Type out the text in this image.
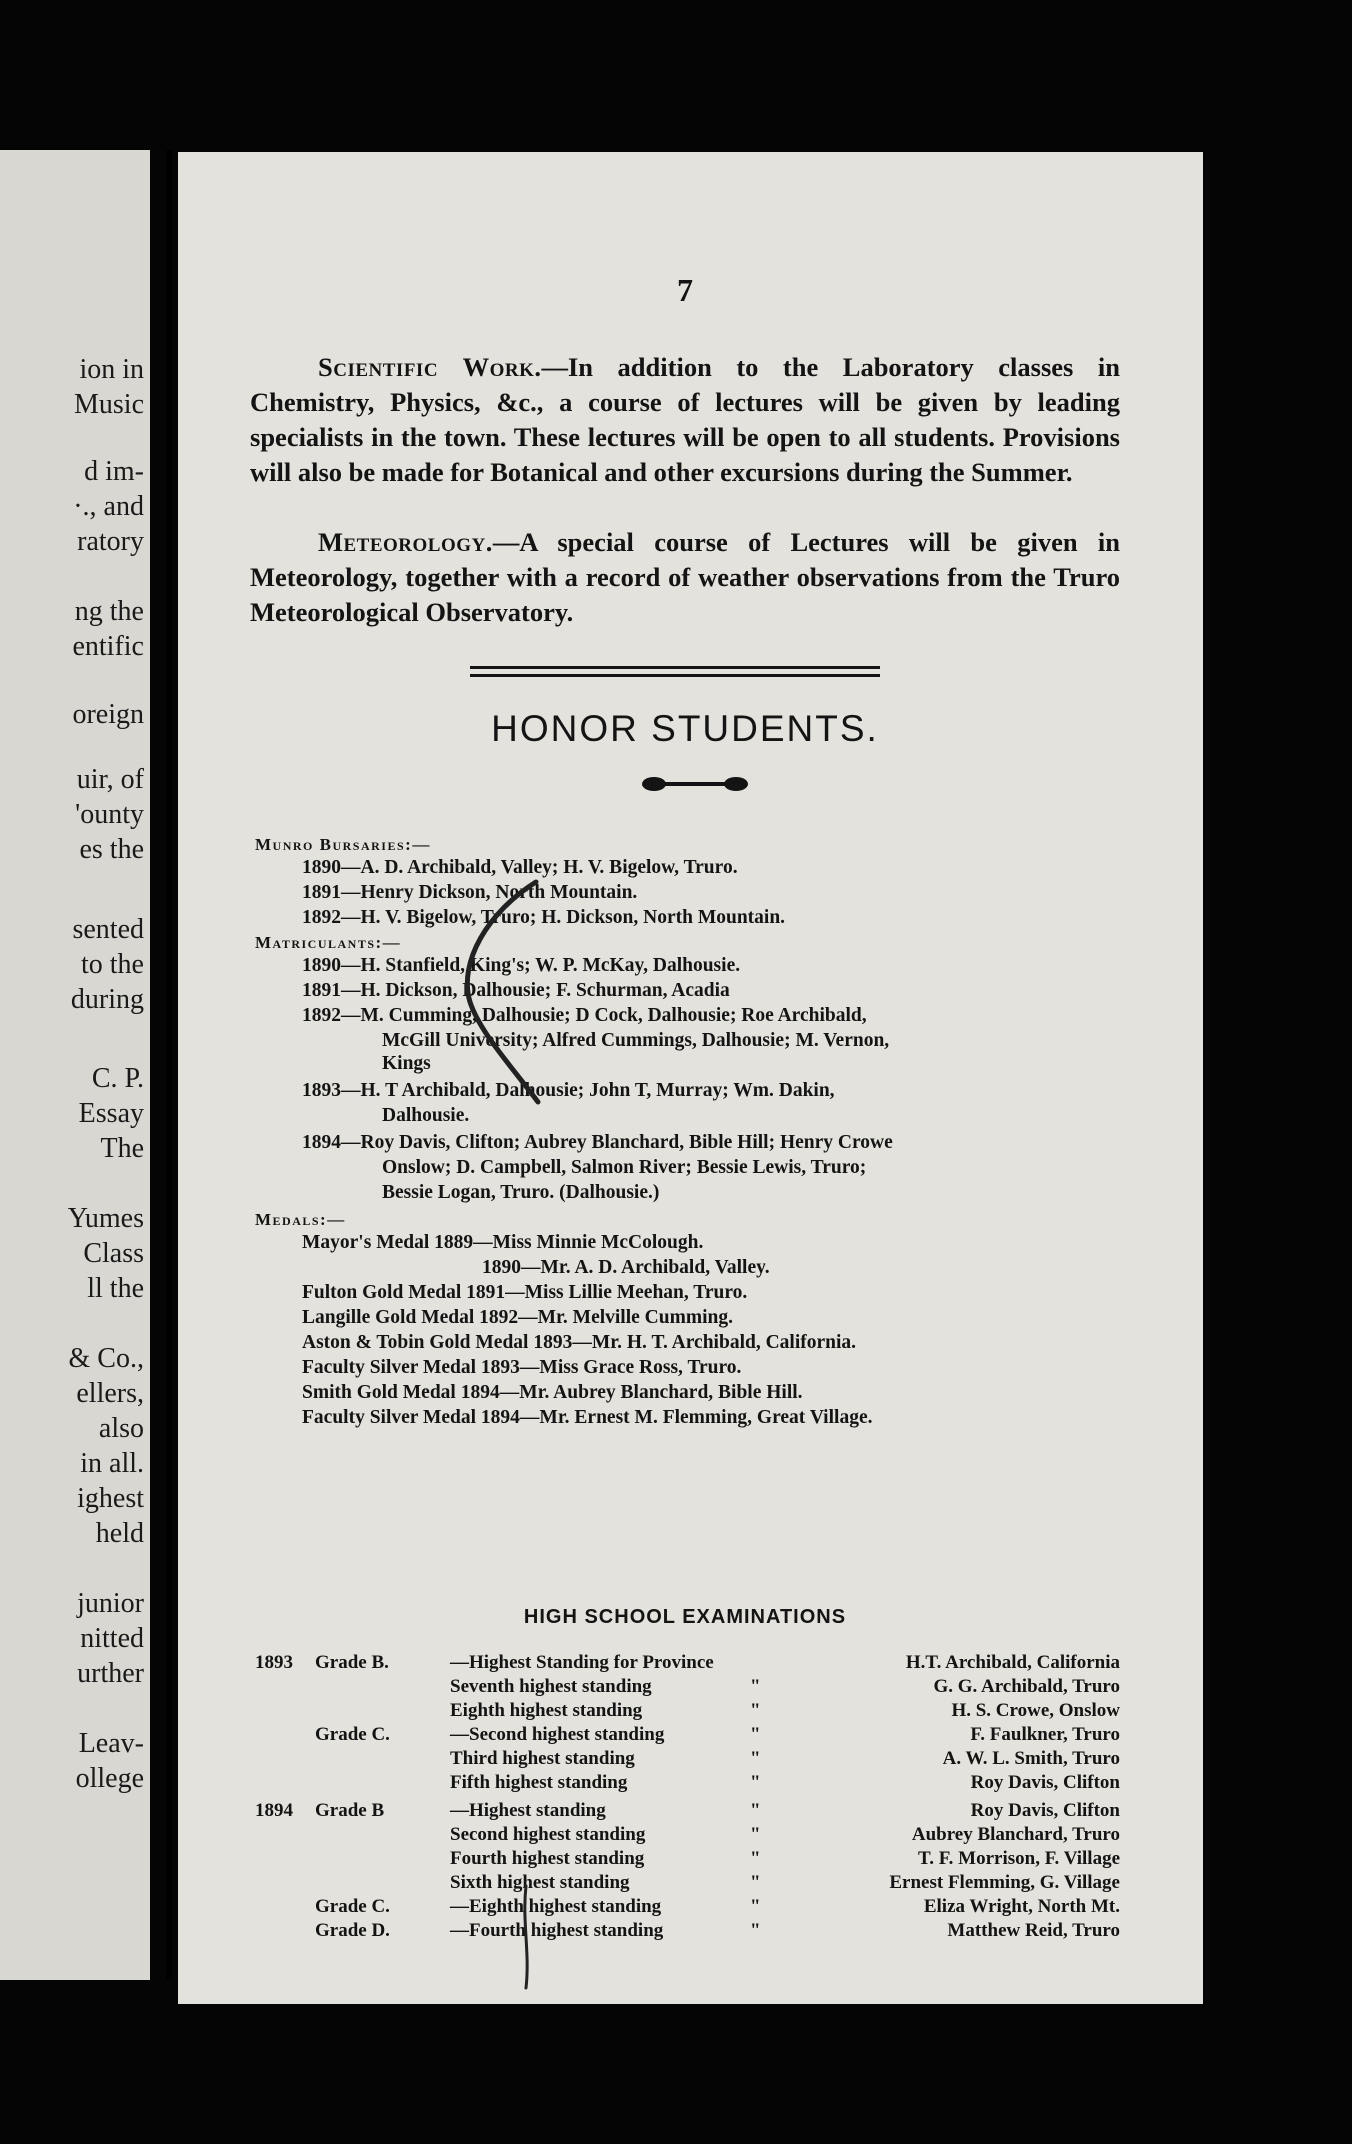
ion in
Music
d im-
·., and
ratory
ng the
entific
oreign
uir, of
'ounty
es the
sented
to the
during
C. P.
Essay
The
Yumes
Class
ll the
& Co.,
ellers,
also
in all.
ighest
held
junior
nitted
urther
Leav-
ollege
7
Scientific Work.—In addition to the Laboratory classes in Chemistry, Physics, &c., a course of lectures will be given by leading specialists in the town. These lectures will be open to all students. Provisions will also be made for Botanical and other excursions during the Summer.
Meteorology.—A special course of Lectures will be given in Meteorology, together with a record of weather observations from the Truro Meteorological Observatory.
HONOR STUDENTS.
Munro Bursaries:—
1890—A. D. Archibald, Valley; H. V. Bigelow, Truro.
1891—Henry Dickson, North Mountain.
1892—H. V. Bigelow, Truro; H. Dickson, North Mountain.
Matriculants:—
1890—H. Stanfield, King's; W. P. McKay, Dalhousie.
1891—H. Dickson, Dalhousie; F. Schurman, Acadia
1892—M. Cumming, Dalhousie; D Cock, Dalhousie; Roe Archibald,
McGill University; Alfred Cummings, Dalhousie; M. Vernon,
Kings
1893—H. T Archibald, Dalhousie; John T, Murray; Wm. Dakin,
Dalhousie.
1894—Roy Davis, Clifton; Aubrey Blanchard, Bible Hill; Henry Crowe
Onslow; D. Campbell, Salmon River; Bessie Lewis, Truro;
Bessie Logan, Truro. (Dalhousie.)
Medals:—
Mayor's Medal 1889—Miss Minnie McColough.
1890—Mr. A. D. Archibald, Valley.
Fulton Gold Medal 1891—Miss Lillie Meehan, Truro.
Langille Gold Medal 1892—Mr. Melville Cumming.
Aston & Tobin Gold Medal 1893—Mr. H. T. Archibald, California.
Faculty Silver Medal 1893—Miss Grace Ross, Truro.
Smith Gold Medal 1894—Mr. Aubrey Blanchard, Bible Hill.
Faculty Silver Medal 1894—Mr. Ernest M. Flemming, Great Village.
HIGH SCHOOL EXAMINATIONS
1893 Grade B.	—Highest Standing for Province	H.T. Archibald, California
Seventh highest standing	"	G. G. Archibald, Truro
Eighth highest standing	"	H. S. Crowe, Onslow
Grade C.	—Second highest standing	"	F. Faulkner, Truro
Third highest standing	"	A. W. L. Smith, Truro
Fifth highest standing	"	Roy Davis, Clifton
1894 Grade B	—Highest standing	"	Roy Davis, Clifton
Second highest standing	"	Aubrey Blanchard, Truro
Fourth highest standing	"	T. F. Morrison, F. Village
Sixth highest standing	"	Ernest Flemming, G. Village
Grade C.	—Eighth highest standing	"	Eliza Wright, North Mt.
Grade D.	—Fourth highest standing	"	Matthew Reid, Truro
